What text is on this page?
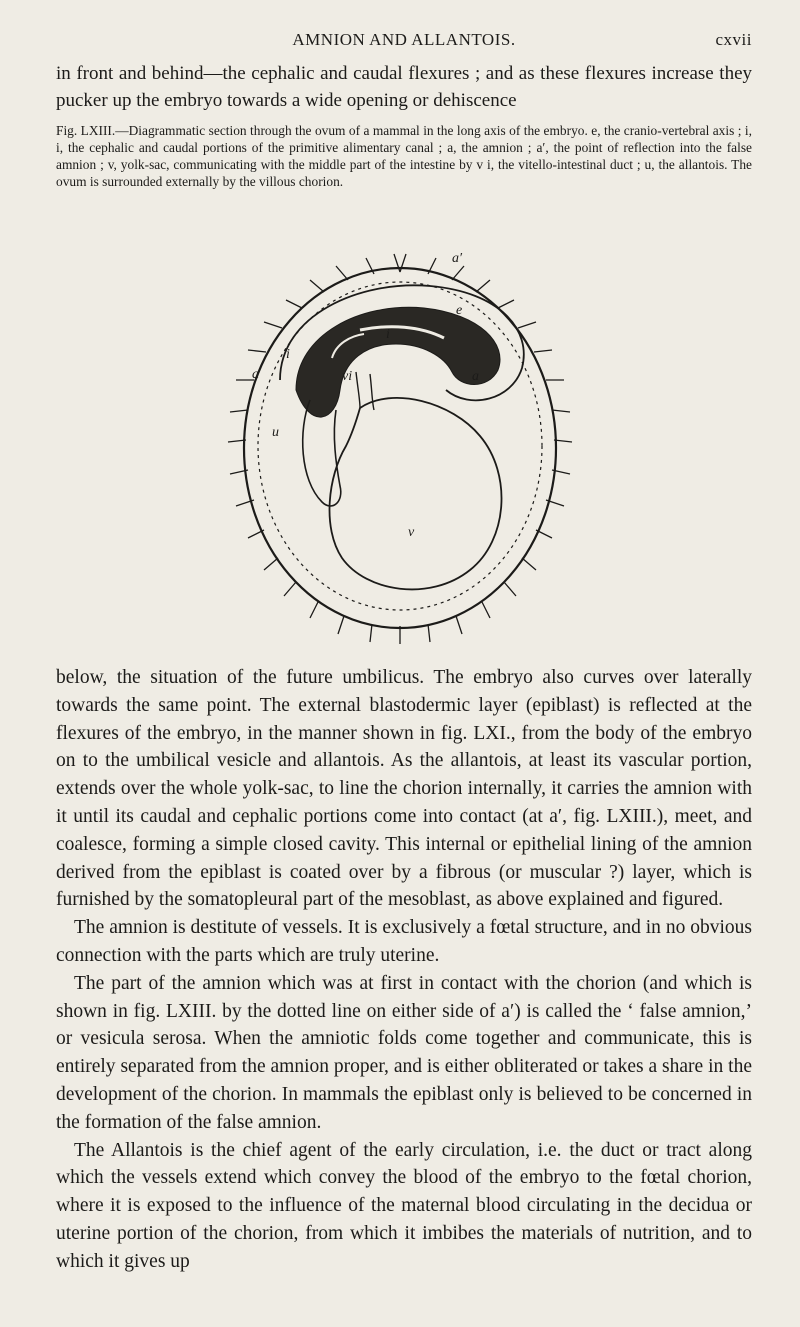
AMNION AND ALLANTOIS.	cxvii
in front and behind—the cephalic and caudal flexures ; and as these flexures increase they pucker up the embryo towards a wide opening or dehiscence

Fig. LXIII.—Diagrammatic section through the ovum of a mammal in the long axis of the embryo. e, the cranio-vertebral axis ; i, i, the cephalic and caudal portions of the primitive alimentary canal ; a, the amnion ; a′, the point of reflection into the false amnion ; v, yolk-sac, communicating with the middle part of the intestine by v i, the vitello-intestinal duct ; u, the allantois. The ovum is surrounded externally by the villous chorion.

i
e
a′
a
i
vi	a
u
v

below, the situation of the future umbilicus. The embryo also curves over laterally towards the same point. The external blastodermic layer (epiblast) is reflected at the flexures of the embryo, in the manner shown in fig. LXI., from the body of the embryo on to the umbilical vesicle and allantois. As the allantois, at least its vascular portion, extends over the whole yolk-sac, to line the chorion internally, it carries the amnion with it until its caudal and cephalic portions come into contact (at a′, fig. LXIII.), meet, and coalesce, forming a simple closed cavity. This internal or epithelial lining of the amnion derived from the epiblast is coated over by a fibrous (or muscular ?) layer, which is furnished by the somatopleural part of the mesoblast, as above explained and figured.

The amnion is destitute of vessels. It is exclusively a fœtal structure, and in no obvious connection with the parts which are truly uterine.

The part of the amnion which was at first in contact with the chorion (and which is shown in fig. LXIII. by the dotted line on either side of a′) is called the ‘ false amnion,’ or vesicula serosa. When the amniotic folds come together and communicate, this is entirely separated from the amnion proper, and is either obliterated or takes a share in the development of the chorion. In mammals the epiblast only is believed to be concerned in the formation of the false amnion.

The Allantois is the chief agent of the early circulation, i.e. the duct or tract along which the vessels extend which convey the blood of the embryo to the fœtal chorion, where it is exposed to the influence of the maternal blood circulating in the decidua or uterine portion of the chorion, from which it imbibes the materials of nutrition, and to which it gives up
